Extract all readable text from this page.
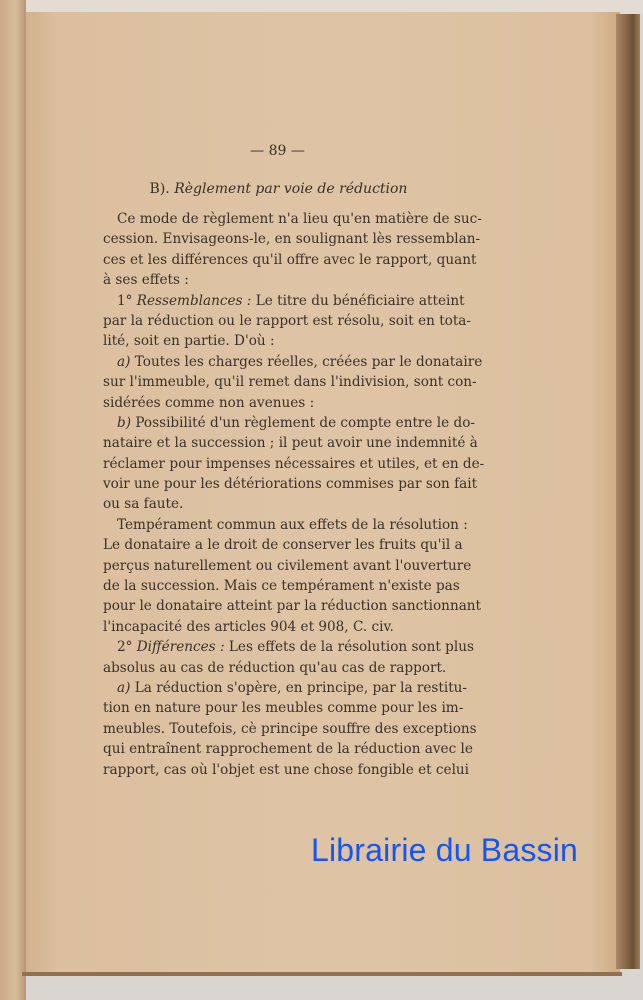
— 89 —
B). Règlement par voie de réduction
Ce mode de règlement n'a lieu qu'en matière de suc-
cession. Envisageons-le, en soulignant lès ressemblan-
ces et les différences qu'il offre avec le rapport, quant
à ses effets :
1° Ressemblances : Le titre du bénéficiaire atteint
par la réduction ou le rapport est résolu, soit en tota-
lité, soit en partie. D'où :
a) Toutes les charges réelles, créées par le donataire
sur l'immeuble, qu'il remet dans l'indivision, sont con-
sidérées comme non avenues :
b) Possibilité d'un règlement de compte entre le do-
nataire et la succession ; il peut avoir une indemnité à
réclamer pour impenses nécessaires et utiles, et en de-
voir une pour les détériorations commises par son fait
ou sa faute.
Tempérament commun aux effets de la résolution :
Le donataire a le droit de conserver les fruits qu'il a
perçus naturellement ou civilement avant l'ouverture
de la succession. Mais ce tempérament n'existe pas
pour le donataire atteint par la réduction sanctionnant
l'incapacité des articles 904 et 908, C. civ.
2° Différences : Les effets de la résolution sont plus
absolus au cas de réduction qu'au cas de rapport.
a) La réduction s'opère, en principe, par la restitu-
tion en nature pour les meubles comme pour les im-
meubles. Toutefois, cè principe souffre des exceptions
qui entraînent rapprochement de la réduction avec le
rapport, cas où l'objet est une chose fongible et celui
Librairie du Bassin
